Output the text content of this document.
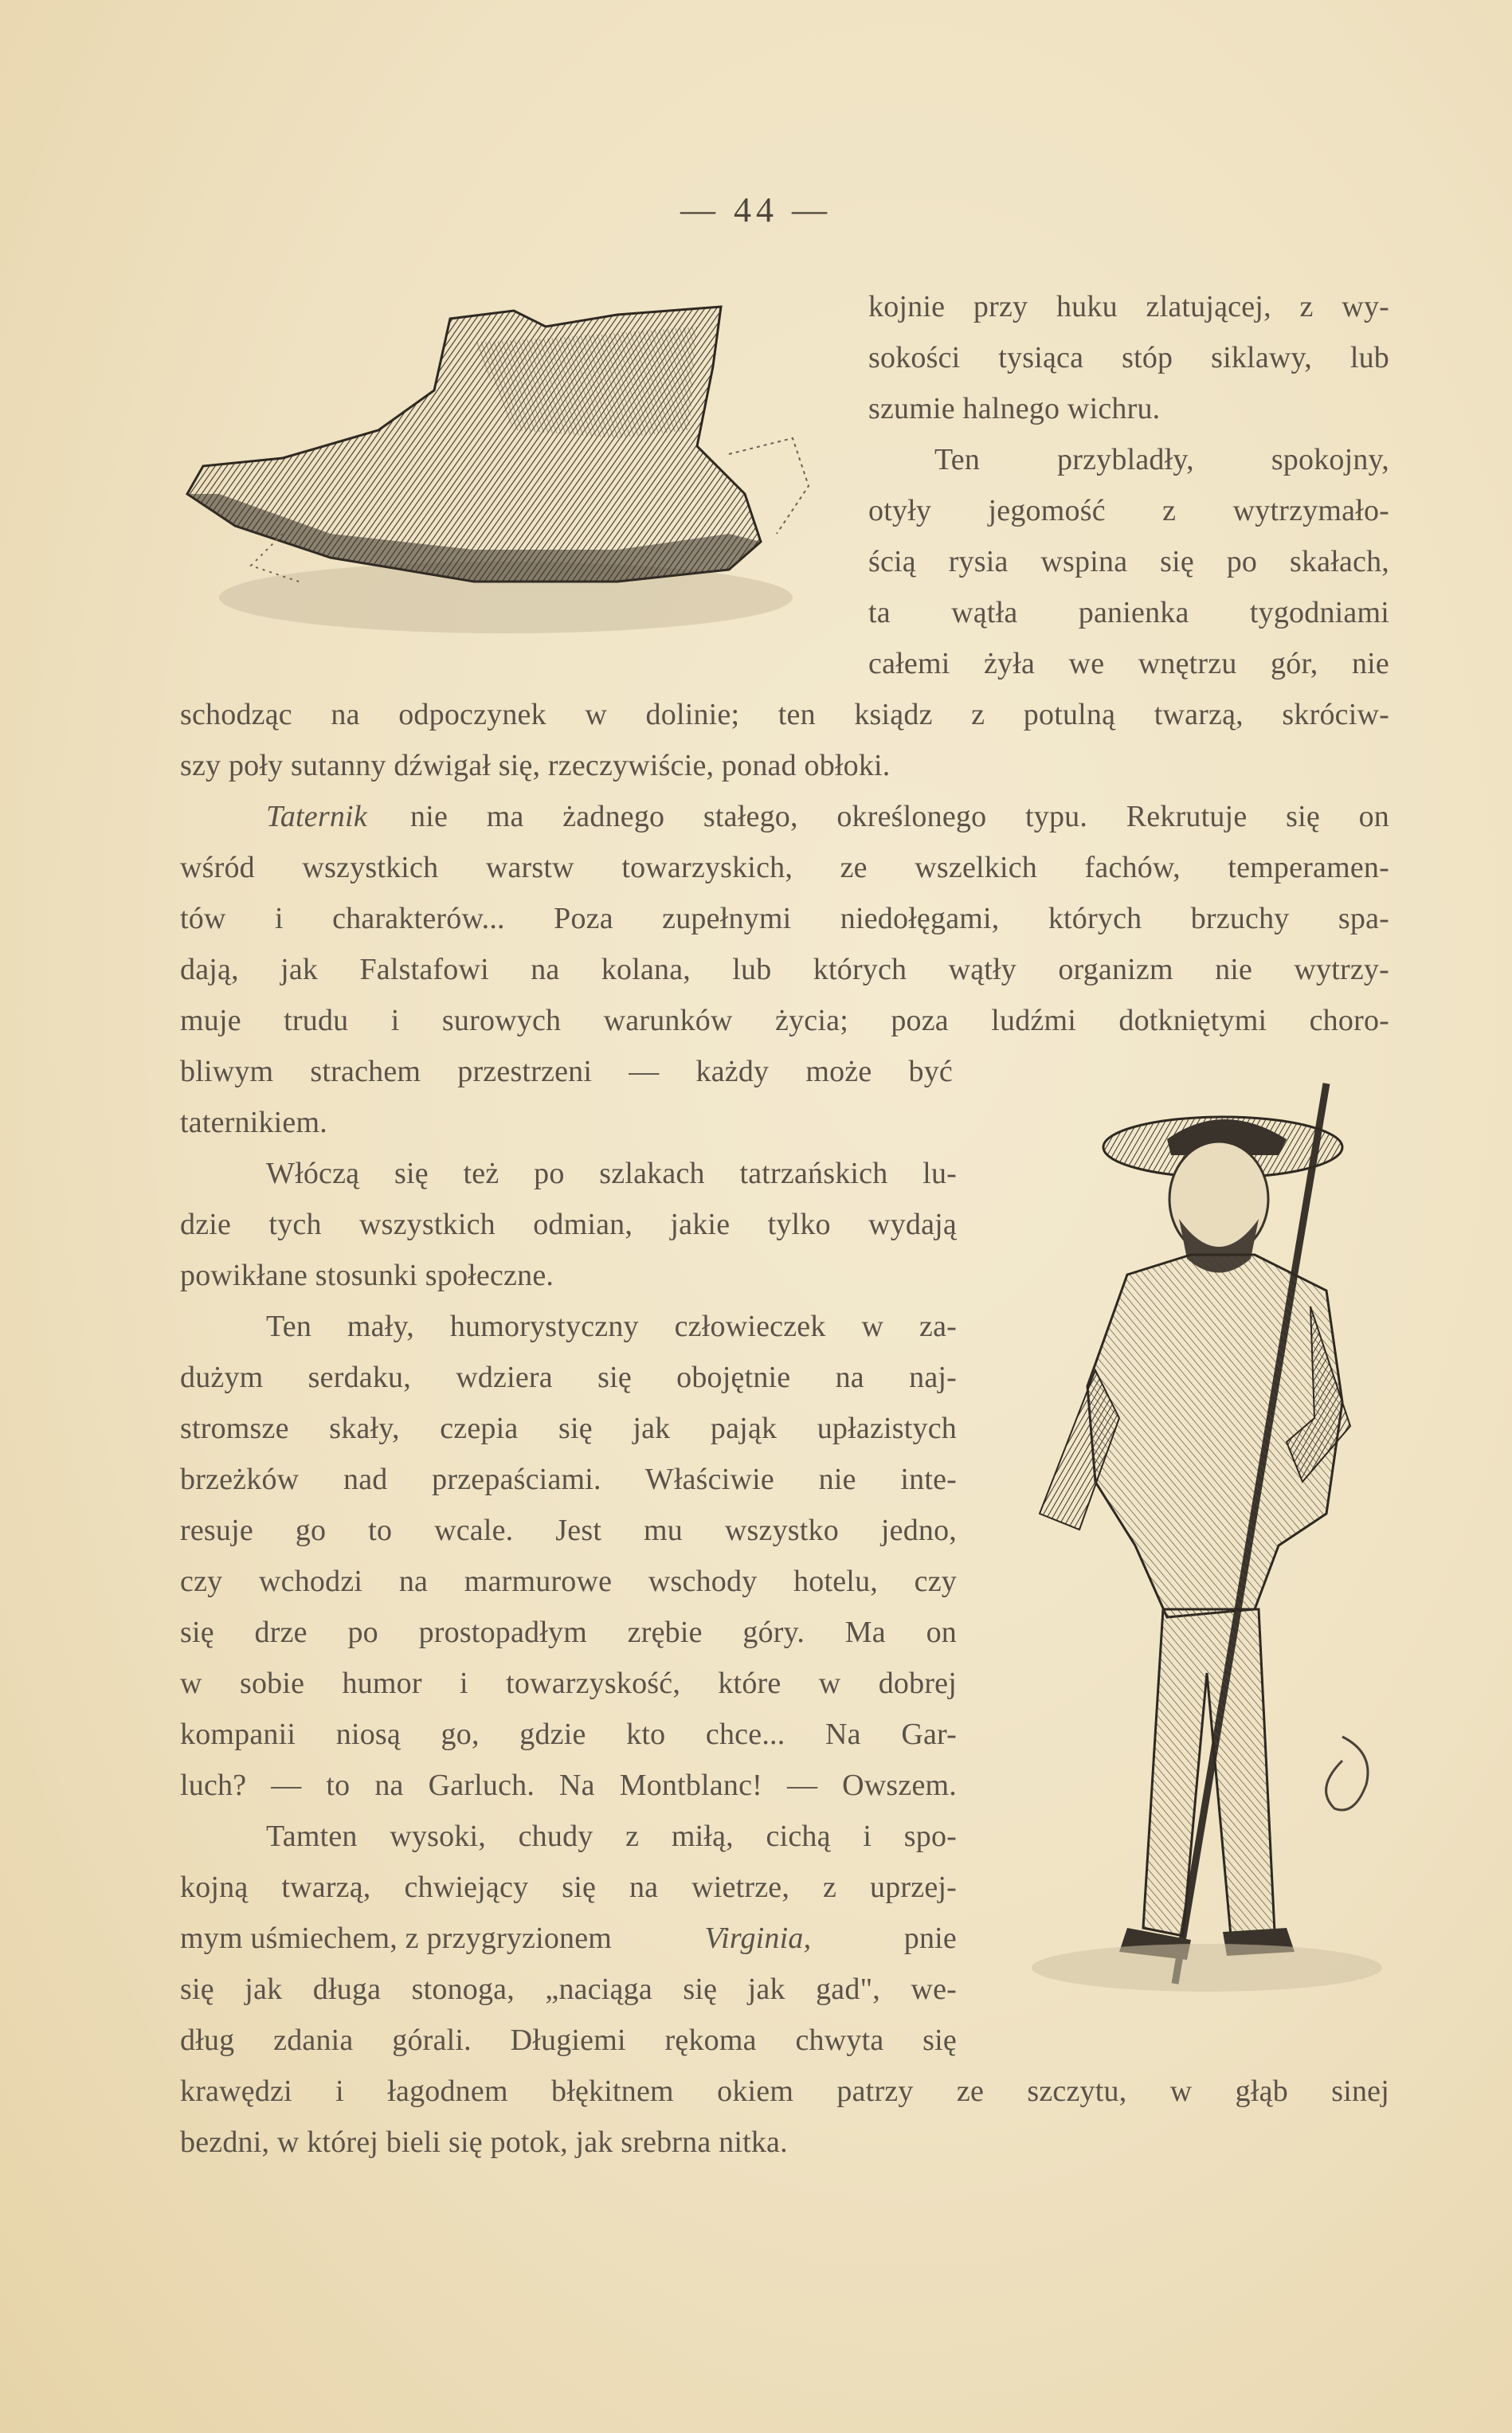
— 44 —
kojnie przy huku zlatującej, z wy-
sokości tysiąca stóp siklawy, lub
szumie halnego wichru.
Ten przybladły, spokojny,
otyły jegomość z wytrzymało-
ścią rysia wspina się po skałach,
ta wątła panienka tygodniami
całemi żyła we wnętrzu gór, nie
schodząc na odpoczynek w dolinie; ten ksiądz z potulną twarzą, skróciw-
szy poły sutanny dźwigał się, rzeczywiście, ponad obłoki.
Taternik nie ma żadnego stałego, określonego typu. Rekrutuje się on
wśród wszystkich warstw towarzyskich, ze wszelkich fachów, temperamen-
tów i charakterów... Poza zupełnymi niedołęgami, których brzuchy spa-
dają, jak Falstafowi na kolana, lub których wątły organizm nie wytrzy-
muje trudu i surowych warunków życia; poza ludźmi dotkniętymi choro-
bliwym strachem przestrzeni — każdy może być
taternikiem.
Włóczą się też po szlakach tatrzańskich lu-
dzie tych wszystkich odmian, jakie tylko wydają
powikłane stosunki społeczne.
Ten mały, humorystyczny człowieczek w za-
dużym serdaku, wdziera się obojętnie na naj-
stromsze skały, czepia się jak pająk upłazistych
brzeżków nad przepaściami. Właściwie nie inte-
resuje go to wcale. Jest mu wszystko jedno,
czy wchodzi na marmurowe wschody hotelu, czy
się drze po prostopadłym zrębie góry. Ma on
w sobie humor i towarzyskość, które w dobrej
kompanii niosą go, gdzie kto chce... Na Gar-
luch? — to na Garluch. Na Montblanc! — Owszem.
Tamten wysoki, chudy z miłą, cichą i spo-
kojną twarzą, chwiejący się na wietrze, z uprzej-
mym uśmiechem, z przygryzionem	Virginia,	pnie
się jak długa stonoga, „naciąga się jak gad", we-
dług zdania górali. Długiemi rękoma chwyta się
krawędzi i łagodnem błękitnem okiem patrzy ze szczytu, w głąb sinej
bezdni, w której bieli się potok, jak srebrna nitka.
